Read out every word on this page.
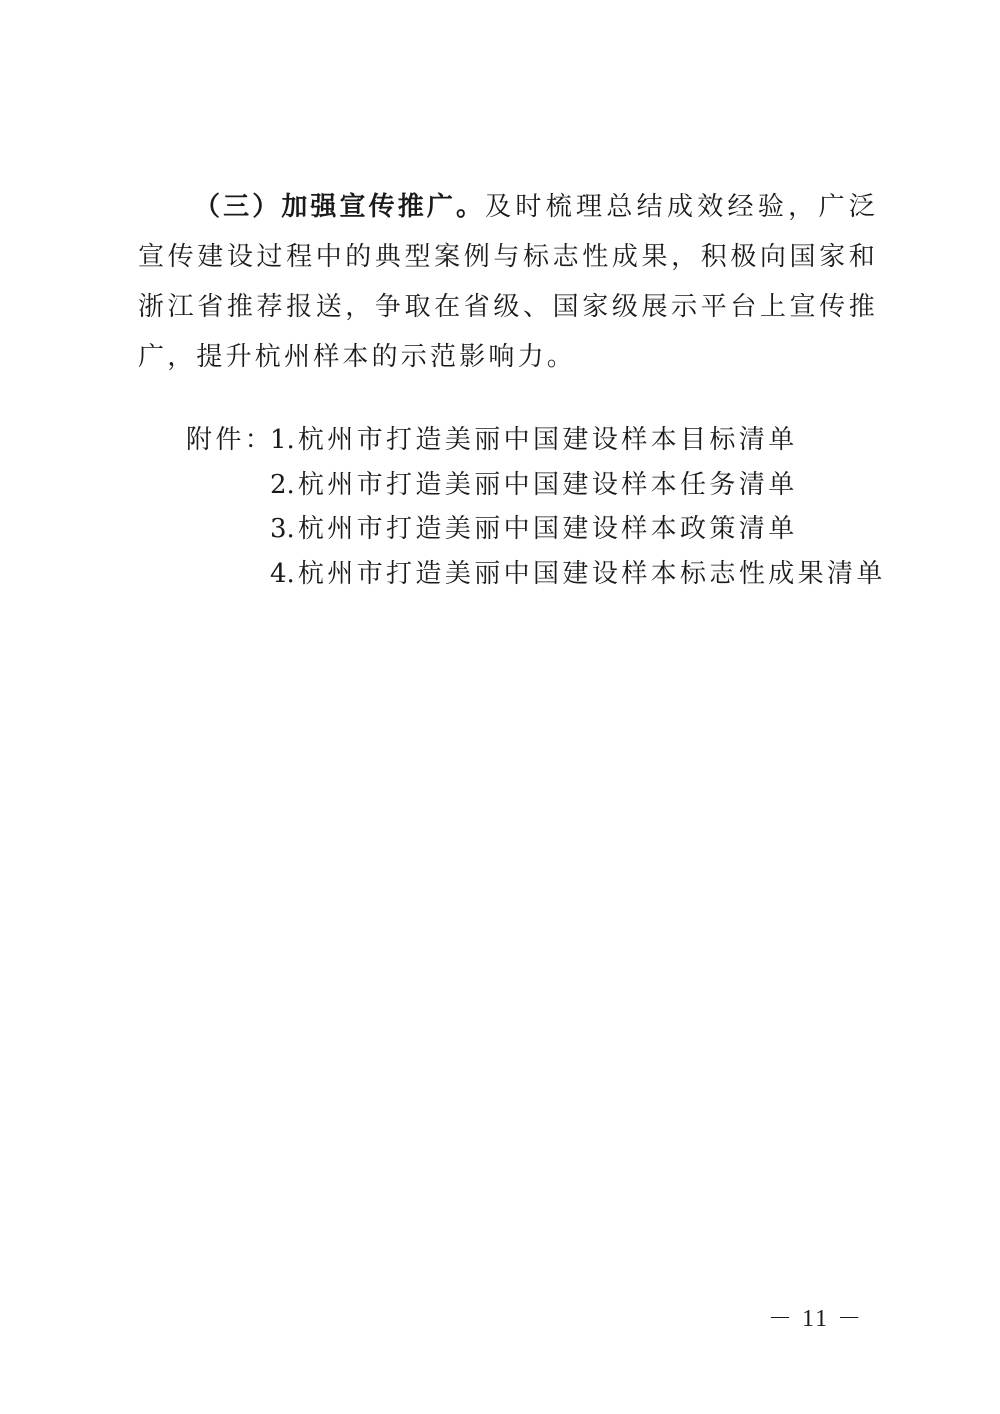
（三）加强宣传推广。及时梳理总结成效经验，广泛宣传建设过程中的典型案例与标志性成果，积极向国家和浙江省推荐报送，争取在省级、国家级展示平台上宣传推广，提升杭州样本的示范影响力。

附件：
1. 杭州市打造美丽中国建设样本目标清单
2. 杭州市打造美丽中国建设样本任务清单
3. 杭州市打造美丽中国建设样本政策清单
4. 杭州市打造美丽中国建设样本标志性成果清单
－ 11 －
